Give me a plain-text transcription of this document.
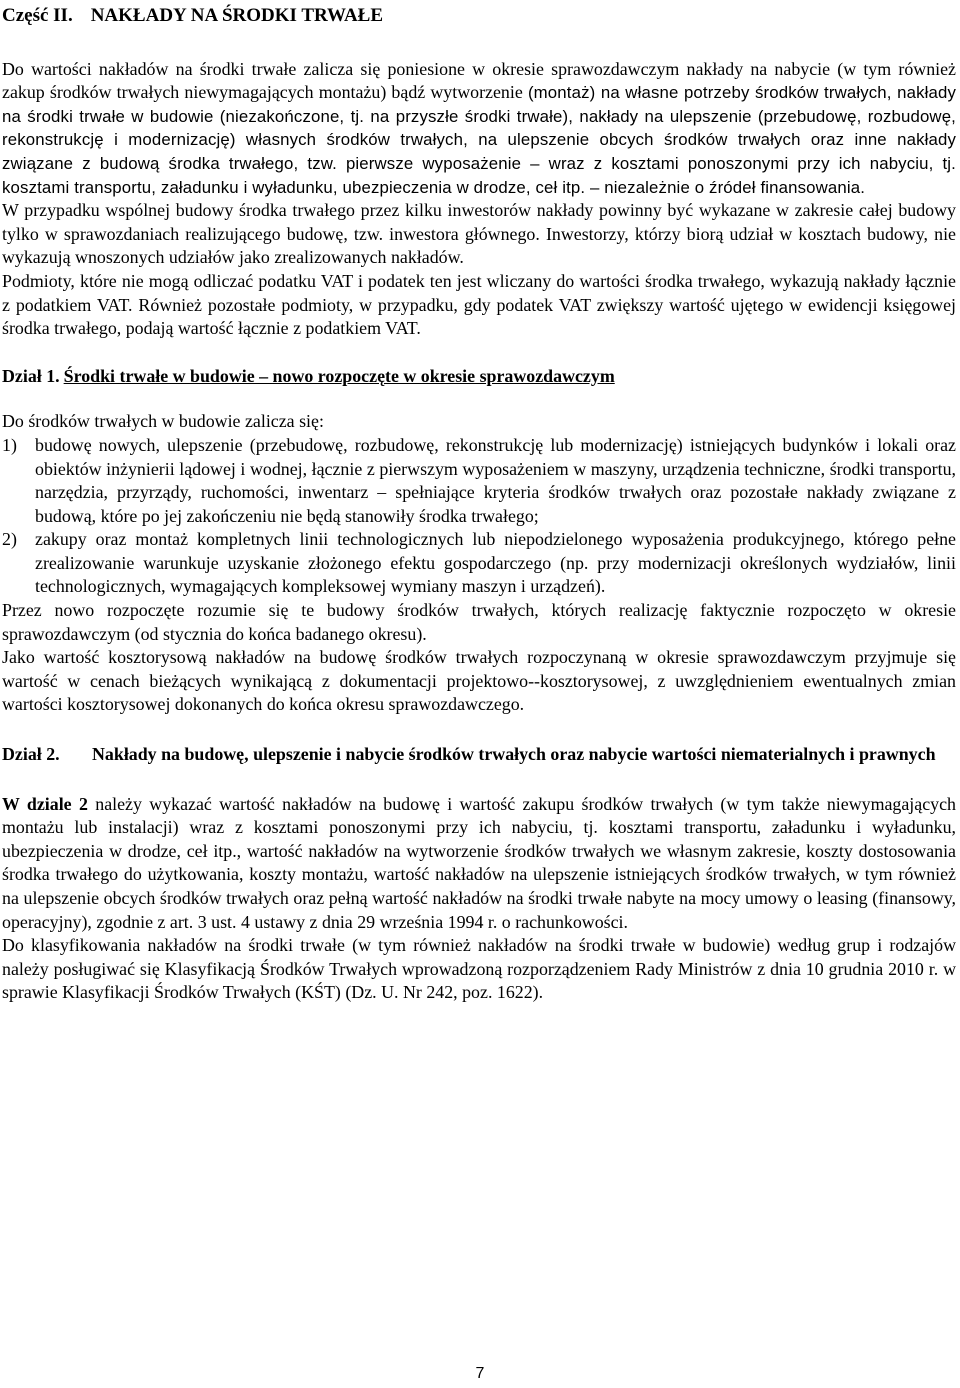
Część II. NAKŁADY NA ŚRODKI TRWAŁE

Do wartości nakładów na środki trwałe zalicza się poniesione w okresie sprawozdawczym nakłady na nabycie (w tym również zakup środków trwałych niewymagających montażu) bądź wytworzenie (montaż) na własne potrzeby środków trwałych, nakłady na środki trwałe w budowie (niezakończone, tj. na przyszłe środki trwałe), nakłady na ulepszenie (przebudowę, rozbudowę, rekonstrukcję i modernizację) własnych środków trwałych, na ulepszenie obcych środków trwałych oraz inne nakłady związane z budową środka trwałego, tzw. pierwsze wyposażenie – wraz z kosztami ponoszonymi przy ich nabyciu, tj. kosztami transportu, załadunku i wyładunku, ubezpieczenia w drodze, ceł itp. – niezależnie o źródeł finansowania.

W przypadku wspólnej budowy środka trwałego przez kilku inwestorów nakłady powinny być wykazane w zakresie całej budowy tylko w sprawozdaniach realizującego budowę, tzw. inwestora głównego. Inwestorzy, którzy biorą udział w kosztach budowy, nie wykazują wnoszonych udziałów jako zrealizowanych nakładów.

Podmioty, które nie mogą odliczać podatku VAT i podatek ten jest wliczany do wartości środka trwałego, wykazują nakłady łącznie z podatkiem VAT. Również pozostałe podmioty, w przypadku, gdy podatek VAT zwiększy wartość ujętego w ewidencji księgowej środka trwałego, podają wartość łącznie z podatkiem VAT.

Dział 1. Środki trwałe w budowie – nowo rozpoczęte w okresie sprawozdawczym

Do środków trwałych w budowie zalicza się:

1)	budowę nowych, ulepszenie (przebudowę, rozbudowę, rekonstrukcję lub modernizację) istniejących budynków i lokali oraz obiektów inżynierii lądowej i wodnej, łącznie z pierwszym wyposażeniem w maszyny, urządzenia techniczne, środki transportu, narzędzia, przyrządy, ruchomości, inwentarz – spełniające kryteria środków trwałych oraz pozostałe nakłady związane z budową, które po jej zakończeniu nie będą stanowiły środka trwałego;
2)	zakupy oraz montaż kompletnych linii technologicznych lub niepodzielonego wyposażenia produkcyjnego, którego pełne zrealizowanie warunkuje uzyskanie złożonego efektu gospodarczego (np. przy modernizacji określonych wydziałów, linii technologicznych, wymagających kompleksowej wymiany maszyn i urządzeń).

Przez nowo rozpoczęte rozumie się te budowy środków trwałych, których realizację faktycznie rozpoczęto w okresie sprawozdawczym (od stycznia do końca badanego okresu).

Jako wartość kosztorysową nakładów na budowę środków trwałych rozpoczynaną w okresie sprawozdawczym przyjmuje się wartość w cenach bieżących wynikającą z dokumentacji projektowo--kosztorysowej, z uwzględnieniem ewentualnych zmian wartości kosztorysowej dokonanych do końca okresu sprawozdawczego.

Dział 2.	Nakłady na budowę, ulepszenie i nabycie środków trwałych oraz nabycie wartości niematerialnych i prawnych

W dziale 2 należy wykazać wartość nakładów na budowę i wartość zakupu środków trwałych (w tym także niewymagających montażu lub instalacji) wraz z kosztami ponoszonymi przy ich nabyciu, tj. kosztami transportu, załadunku i wyładunku, ubezpieczenia w drodze, ceł itp., wartość nakładów na wytworzenie środków trwałych we własnym zakresie, koszty dostosowania środka trwałego do użytkowania, koszty montażu, wartość nakładów na ulepszenie istniejących środków trwałych, w tym również na ulepszenie obcych środków trwałych oraz pełną wartość nakładów na środki trwałe nabyte na mocy umowy o leasing (finansowy, operacyjny), zgodnie z art. 3 ust. 4 ustawy z dnia 29 września 1994 r. o rachunkowości.

Do klasyfikowania nakładów na środki trwałe (w tym również nakładów na środki trwałe w budowie) według grup i rodzajów należy posługiwać się Klasyfikacją Środków Trwałych wprowadzoną rozporządzeniem Rady Ministrów z dnia 10 grudnia 2010 r. w sprawie Klasyfikacji Środków Trwałych (KŚT) (Dz. U. Nr 242, poz. 1622).

7
